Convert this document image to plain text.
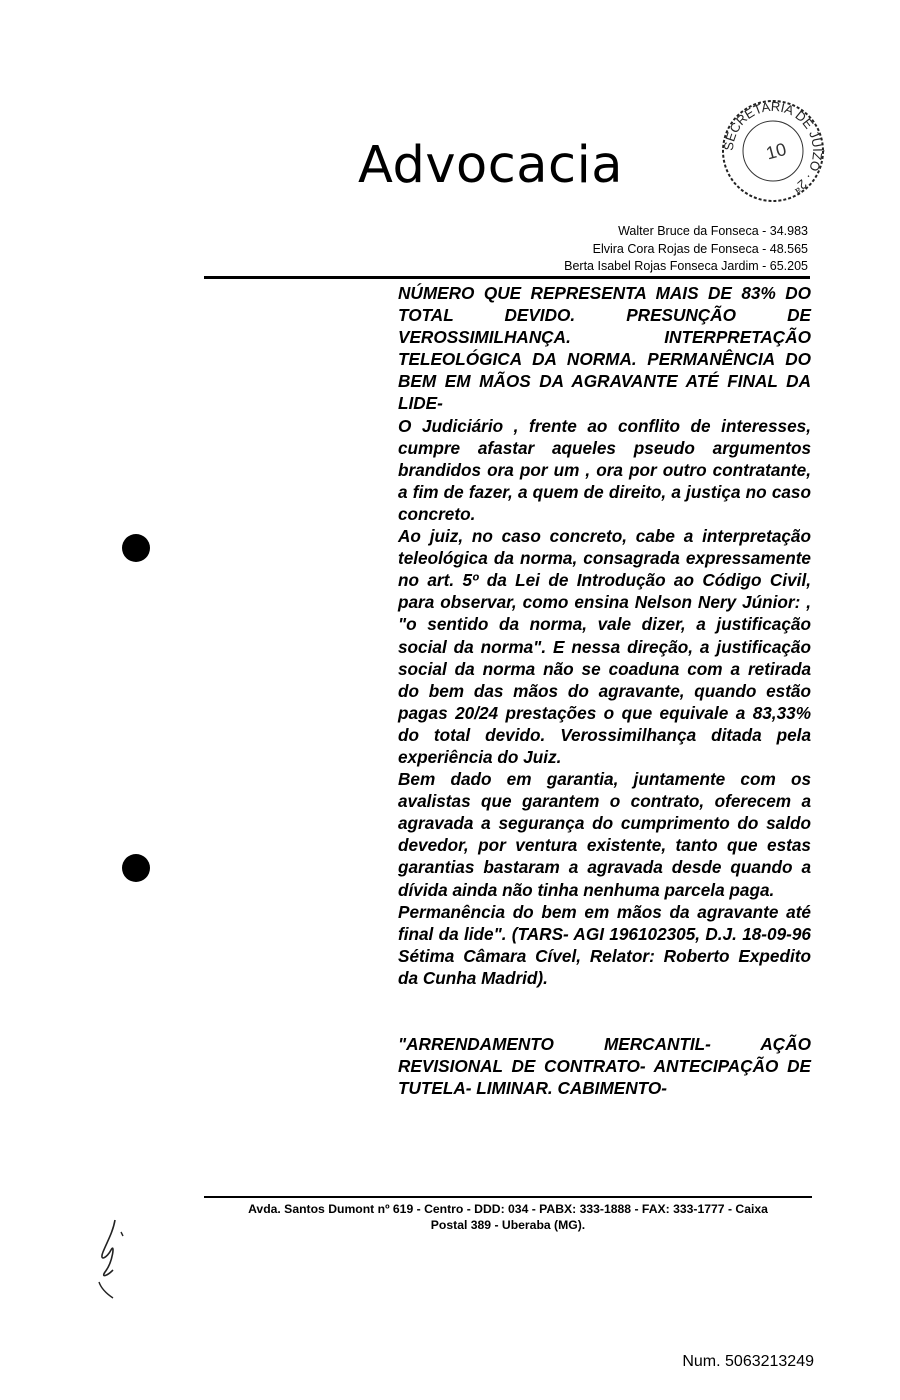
Advocacia	SECRETARIA DE JUÍZO · 2ª
10
Walter Bruce da Fonseca - 34.983
Elvira Cora Rojas de Fonseca - 48.565
Berta Isabel Rojas Fonseca Jardim - 65.205

NÚMERO QUE REPRESENTA MAIS DE 83% DO TOTAL DEVIDO. PRESUNÇÃO DE VEROSSIMILHANÇA. INTERPRETAÇÃO TELEOLÓGICA DA NORMA. PERMANÊNCIA DO BEM EM MÃOS DA AGRAVANTE ATÉ FINAL DA LIDE-

O Judiciário , frente ao conflito de interesses, cumpre afastar aqueles pseudo argumentos brandidos ora por um , ora por outro contratante, a fim de fazer, a quem de direito, a justiça no caso concreto.

Ao juiz, no caso concreto, cabe a interpretação teleológica da norma, consagrada expressamente no art. 5º da Lei de Introdução ao Código Civil, para observar, como ensina Nelson Nery Júnior: , "o sentido da norma, vale dizer, a justificação social da norma". E nessa direção, a justificação social da norma não se coaduna com a retirada do bem das mãos do agravante, quando estão pagas 20/24 prestações o que equivale a 83,33% do total devido. Verossimilhança ditada pela experiência do Juiz.

Bem dado em garantia, juntamente com os avalistas que garantem o contrato, oferecem a agravada a segurança do cumprimento do saldo devedor, por ventura existente, tanto que estas garantias bastaram a agravada desde quando a dívida ainda não tinha nenhuma parcela paga.

Permanência do bem em mãos da agravante até final da lide". (TARS- AGI 196102305, D.J. 18-09-96 Sétima Câmara Cível, Relator: Roberto Expedito da Cunha Madrid).

"ARRENDAMENTO MERCANTIL- AÇÃO REVISIONAL DE CONTRATO- ANTECIPAÇÃO DE TUTELA- LIMINAR. CABIMENTO-

Avda. Santos Dumont nº 619 - Centro - DDD: 034 - PABX: 333-1888 - FAX: 333-1777 - Caixa
Postal 389 - Uberaba (MG).
Num. 5063213249
